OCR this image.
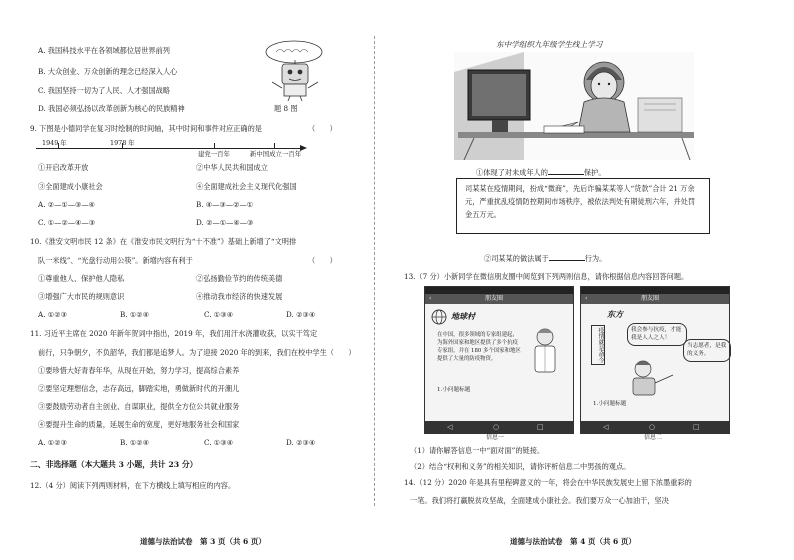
A. 我国科技水平在各领域都位居世界前列
B. 大众创业、万众创新的理念已经深入人心
C. 我国坚持一切为了人民、人才强国战略
D. 我国必须弘扬以改革创新为核心的民族精神	题 8 图
9. 下图是小德同学在复习时绘制的时间轴，其中时间和事件对应正确的是	（　　）
1949 年	1978 年
建党一百年	新中国成立一百年
①开启改革开放	②中华人民共和国成立
③全面建成小康社会	④全面建成社会主义现代化强国
A. ②—①—③—④	B. ④—③—②—①
C. ①—②—④—③	D. ②—①—④—③
10.《淮安文明市民 12 条》在《淮安市民文明行为“十不准”》基础上新增了“文明排
队一米线”、“光盘行动用公筷”。新增内容有利于	（　　）
①尊重他人、保护他人隐私	②弘扬勤俭节约的传统美德
③增强广大市民的规则意识	④推动我市经济的快速发展
A. ①②③	B. ①②④	C. ①③④	D. ②③④
11. 习近平主席在 2020 年新年贺词中指出，2019 年，我们用汗水浇灌收获，以实干笃定
前行，只争朝夕，不负韶华，我们都是追梦人。为了迎接 2020 年的到来，我们在校中学生（　　）
①要珍惜大好青春年华，从现在开始，努力学习，提高综合素养
②要坚定理想信念，志存高远，脚踏实地，勇做新时代的开潮儿
③要鼓励劳动者自主创业、自谋职业，提供全方位公共就业服务
④要提升生命的质量，延展生命的宽度，更好地服务社会和国家
A. ①②③	B. ①②④	C. ①③④	D. ②③④
二、非选择题（本大题共 3 小题，共计 23 分）
12.（4 分）阅读下列两则材料，在下方横线上填写相应的内容。
道德与法治试卷　第 3 页（共 6 页）
东中学组织九年级学生线上学习
①体现了对未成年人的	保护。
司某某在疫情期间，扮成“微商”，先后诈骗某某等人“货款”合计 21 万余元，严重扰乱疫情防控期间市场秩序，被依法判处有期徒刑六年，并处罚金五万元。
②司某某的做法属于	行为。
13.（7 分）小新同学在微信朋友圈中阅览到下列两则信息，请你根据信息内容回答问题。
‹	朋友圈
地球村
在中国，很多领域的专家组建起，为海外国家和地区提供了多个抗疫专家组，并在 180 多个国家和地区提供了大量的防疫物资。
1.小问题标题
◁	○	□
信息一
‹	朋友圈
东方
疫情就是命令	我会参与抗疫，才能我是人人之人！
当志愿者，是我的义务。
1.小问题标题
◁	○	□
信息二
（1）请你解答信息一中“面对面”的链接。
（2）结合“权利和义务”的相关知识，请你评析信息二中男孩的观点。
14.（12 分）2020 年是具有里程碑意义的一年，将会在中华民族发展史上留下浓墨重彩的
一笔。我们将打赢脱贫攻坚战，全面建成小康社会。我们要万众一心加油干，坚决
道德与法治试卷　第 4 页（共 6 页）
